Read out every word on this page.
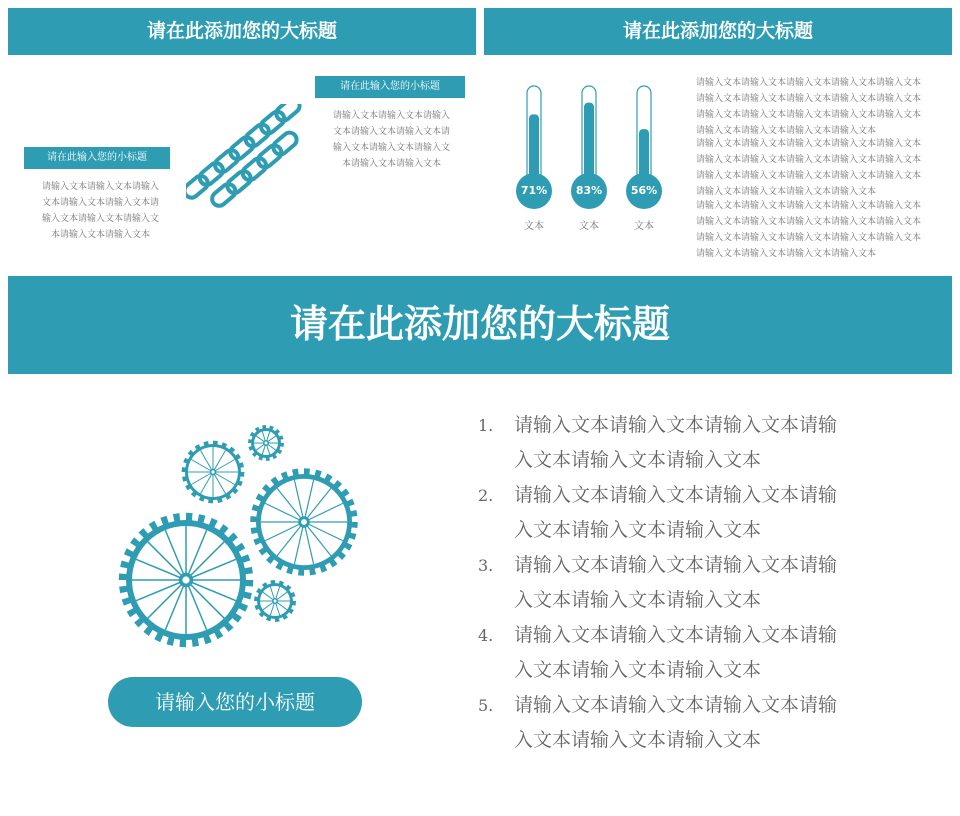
请在此添加您的大标题
请在此输入您的小标题
请输入文本请输入文本请输入
文本请输入文本请输入文本请
输入文本请输入文本请输入文
本请输入文本请输入文本
请在此输入您的小标题
请输入文本请输入文本请输入
文本请输入文本请输入文本请
输入文本请输入文本请输入文
本请输入文本请输入文本
请在此添加您的大标题
71%	83%	56%
文本	文本	文本
请输入文本请输入文本请输入文本请输入文本请输入文本
请输入文本请输入文本请输入文本请输入文本请输入文本
请输入文本请输入文本请输入文本请输入文本请输入文本
请输入文本请输入文本请输入文本请输入文本
请输入文本请输入文本请输入文本请输入文本请输入文本
请输入文本请输入文本请输入文本请输入文本请输入文本
请输入文本请输入文本请输入文本请输入文本请输入文本
请输入文本请输入文本请输入文本请输入文本
请输入文本请输入文本请输入文本请输入文本请输入文本
请输入文本请输入文本请输入文本请输入文本请输入文本
请输入文本请输入文本请输入文本请输入文本请输入文本
请输入文本请输入文本请输入文本请输入文本
请在此添加您的大标题
请输入您的小标题
1.	请输入文本请输入文本请输入文本请输
入文本请输入文本请输入文本
2.	请输入文本请输入文本请输入文本请输
入文本请输入文本请输入文本
3.	请输入文本请输入文本请输入文本请输
入文本请输入文本请输入文本
4.	请输入文本请输入文本请输入文本请输
入文本请输入文本请输入文本
5.	请输入文本请输入文本请输入文本请输
入文本请输入文本请输入文本
